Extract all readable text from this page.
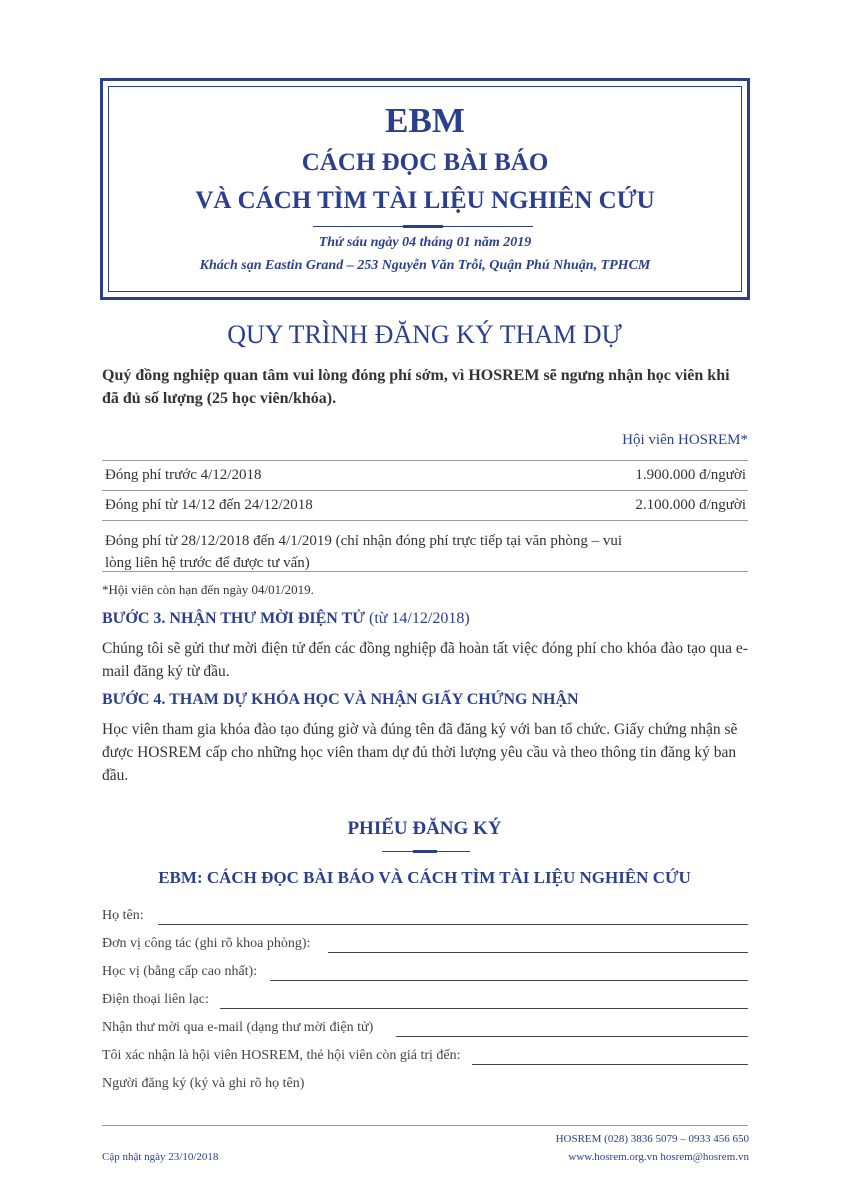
EBM
CÁCH ĐỌC BÀI BÁO
VÀ CÁCH TÌM TÀI LIỆU NGHIÊN CỨU
Thứ sáu ngày 04 tháng 01 năm 2019
Khách sạn Eastin Grand – 253 Nguyễn Văn Trỗi, Quận Phú Nhuận, TPHCM
QUY TRÌNH ĐĂNG KÝ THAM DỰ
Quý đồng nghiệp quan tâm vui lòng đóng phí sớm, vì HOSREM sẽ ngưng nhận học viên khi đã đủ số lượng (25 học viên/khóa).
Hội viên HOSREM*
Đóng phí trước 4/12/2018	1.900.000 đ/người
Đóng phí từ 14/12 đến 24/12/2018	2.100.000 đ/người
Đóng phí từ 28/12/2018 đến 4/1/2019 (chỉ nhận đóng phí trực tiếp tại văn phòng – vui lòng liên hệ trước để được tư vấn)
*Hội viên còn hạn đến ngày 04/01/2019.
BƯỚC 3. NHẬN THƯ MỜI ĐIỆN TỬ (từ 14/12/2018)
Chúng tôi sẽ gửi thư mời điện tử đến các đồng nghiệp đã hoàn tất việc đóng phí cho khóa đào tạo qua e-mail đăng ký từ đầu.
BƯỚC 4. THAM DỰ KHÓA HỌC VÀ NHẬN GIẤY CHỨNG NHẬN
Học viên tham gia khóa đào tạo đúng giờ và đúng tên đã đăng ký với ban tổ chức. Giấy chứng nhận sẽ được HOSREM cấp cho những học viên tham dự đủ thời lượng yêu cầu và theo thông tin đăng ký ban đầu.
PHIẾU ĐĂNG KÝ
EBM: CÁCH ĐỌC BÀI BÁO VÀ CÁCH TÌM TÀI LIỆU NGHIÊN CỨU
Họ tên:
Đơn vị công tác (ghi rõ khoa phòng):
Học vị (bằng cấp cao nhất):
Điện thoại liên lạc:
Nhận thư mời qua e-mail (dạng thư mời điện tử)
Tôi xác nhận là hội viên HOSREM, thẻ hội viên còn giá trị đến:
Người đăng ký (ký và ghi rõ họ tên)
HOSREM (028) 3836 5079 – 0933 456 650
Cập nhật ngày 23/10/2018	www.hosrem.org.vn hosrem@hosrem.vn
